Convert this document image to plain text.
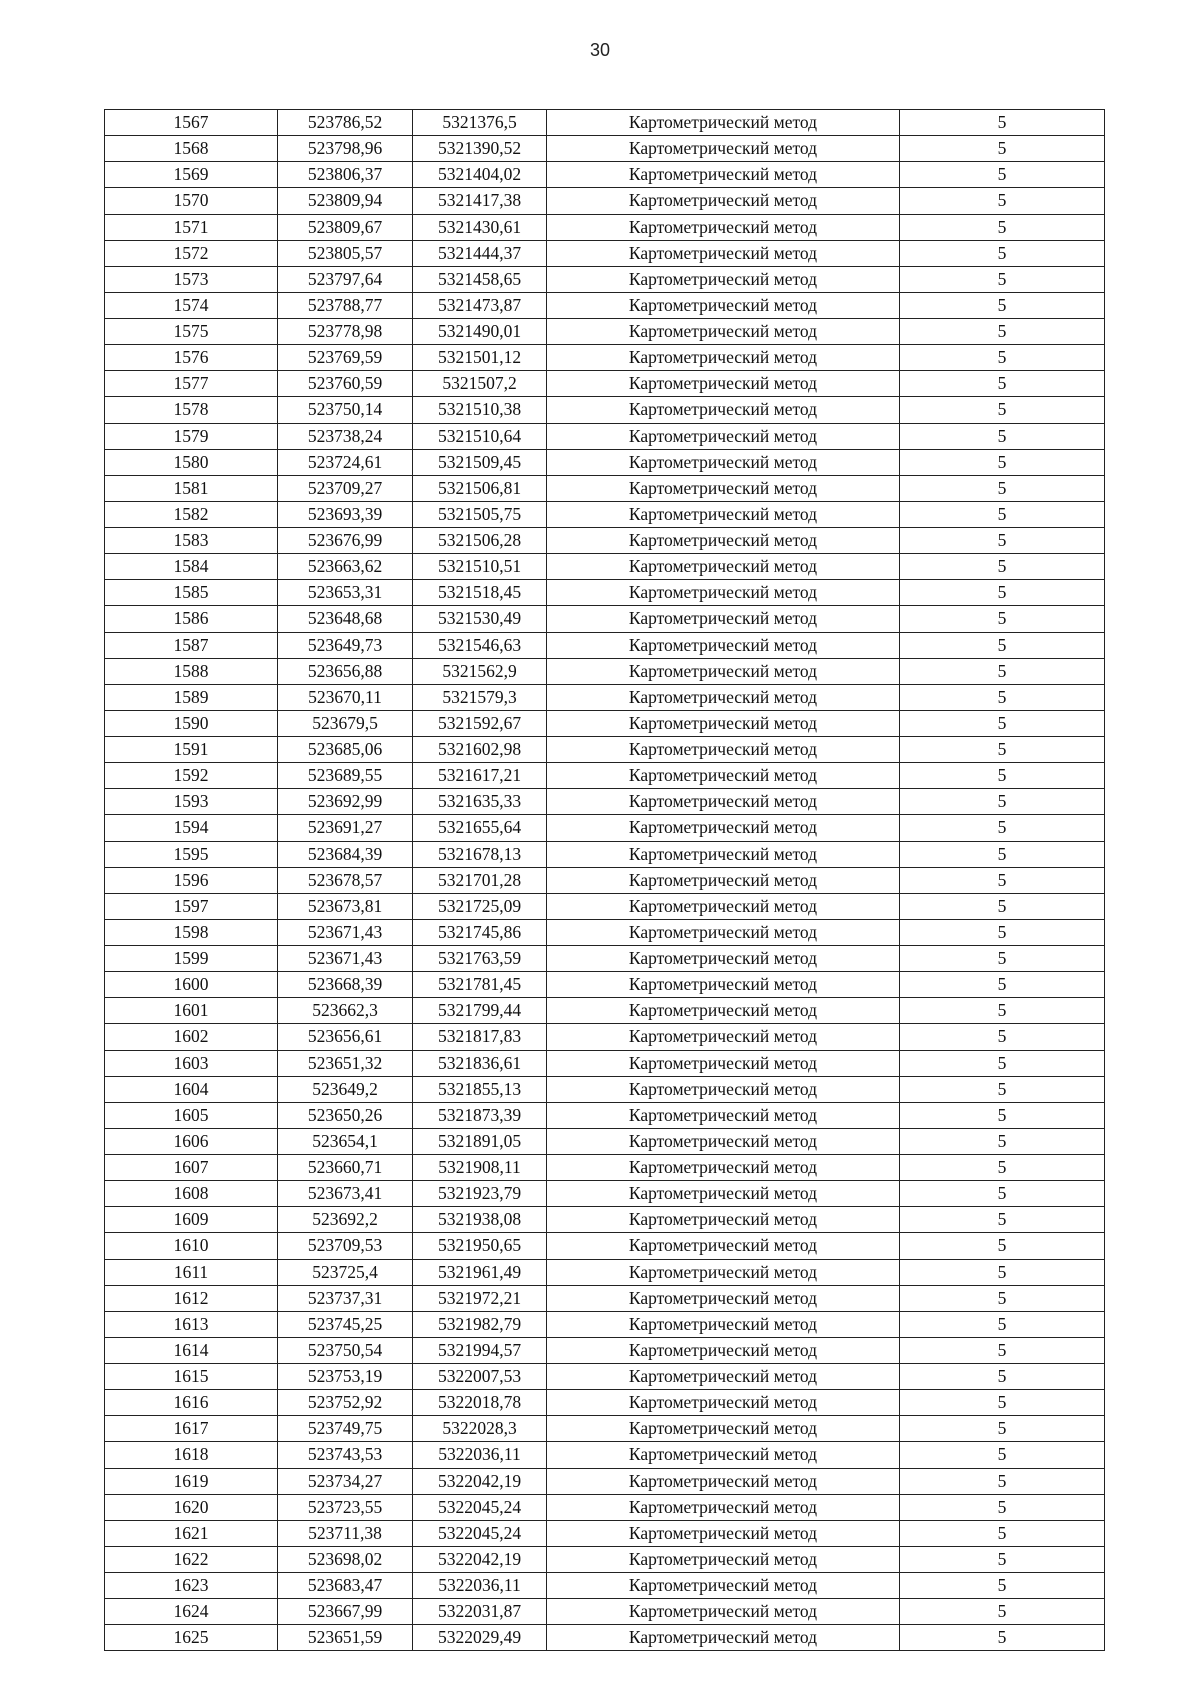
30
1567	523786,52	5321376,5	Картометрический метод	5
1568	523798,96	5321390,52	Картометрический метод	5
1569	523806,37	5321404,02	Картометрический метод	5
1570	523809,94	5321417,38	Картометрический метод	5
1571	523809,67	5321430,61	Картометрический метод	5
1572	523805,57	5321444,37	Картометрический метод	5
1573	523797,64	5321458,65	Картометрический метод	5
1574	523788,77	5321473,87	Картометрический метод	5
1575	523778,98	5321490,01	Картометрический метод	5
1576	523769,59	5321501,12	Картометрический метод	5
1577	523760,59	5321507,2	Картометрический метод	5
1578	523750,14	5321510,38	Картометрический метод	5
1579	523738,24	5321510,64	Картометрический метод	5
1580	523724,61	5321509,45	Картометрический метод	5
1581	523709,27	5321506,81	Картометрический метод	5
1582	523693,39	5321505,75	Картометрический метод	5
1583	523676,99	5321506,28	Картометрический метод	5
1584	523663,62	5321510,51	Картометрический метод	5
1585	523653,31	5321518,45	Картометрический метод	5
1586	523648,68	5321530,49	Картометрический метод	5
1587	523649,73	5321546,63	Картометрический метод	5
1588	523656,88	5321562,9	Картометрический метод	5
1589	523670,11	5321579,3	Картометрический метод	5
1590	523679,5	5321592,67	Картометрический метод	5
1591	523685,06	5321602,98	Картометрический метод	5
1592	523689,55	5321617,21	Картометрический метод	5
1593	523692,99	5321635,33	Картометрический метод	5
1594	523691,27	5321655,64	Картометрический метод	5
1595	523684,39	5321678,13	Картометрический метод	5
1596	523678,57	5321701,28	Картометрический метод	5
1597	523673,81	5321725,09	Картометрический метод	5
1598	523671,43	5321745,86	Картометрический метод	5
1599	523671,43	5321763,59	Картометрический метод	5
1600	523668,39	5321781,45	Картометрический метод	5
1601	523662,3	5321799,44	Картометрический метод	5
1602	523656,61	5321817,83	Картометрический метод	5
1603	523651,32	5321836,61	Картометрический метод	5
1604	523649,2	5321855,13	Картометрический метод	5
1605	523650,26	5321873,39	Картометрический метод	5
1606	523654,1	5321891,05	Картометрический метод	5
1607	523660,71	5321908,11	Картометрический метод	5
1608	523673,41	5321923,79	Картометрический метод	5
1609	523692,2	5321938,08	Картометрический метод	5
1610	523709,53	5321950,65	Картометрический метод	5
1611	523725,4	5321961,49	Картометрический метод	5
1612	523737,31	5321972,21	Картометрический метод	5
1613	523745,25	5321982,79	Картометрический метод	5
1614	523750,54	5321994,57	Картометрический метод	5
1615	523753,19	5322007,53	Картометрический метод	5
1616	523752,92	5322018,78	Картометрический метод	5
1617	523749,75	5322028,3	Картометрический метод	5
1618	523743,53	5322036,11	Картометрический метод	5
1619	523734,27	5322042,19	Картометрический метод	5
1620	523723,55	5322045,24	Картометрический метод	5
1621	523711,38	5322045,24	Картометрический метод	5
1622	523698,02	5322042,19	Картометрический метод	5
1623	523683,47	5322036,11	Картометрический метод	5
1624	523667,99	5322031,87	Картометрический метод	5
1625	523651,59	5322029,49	Картометрический метод	5
